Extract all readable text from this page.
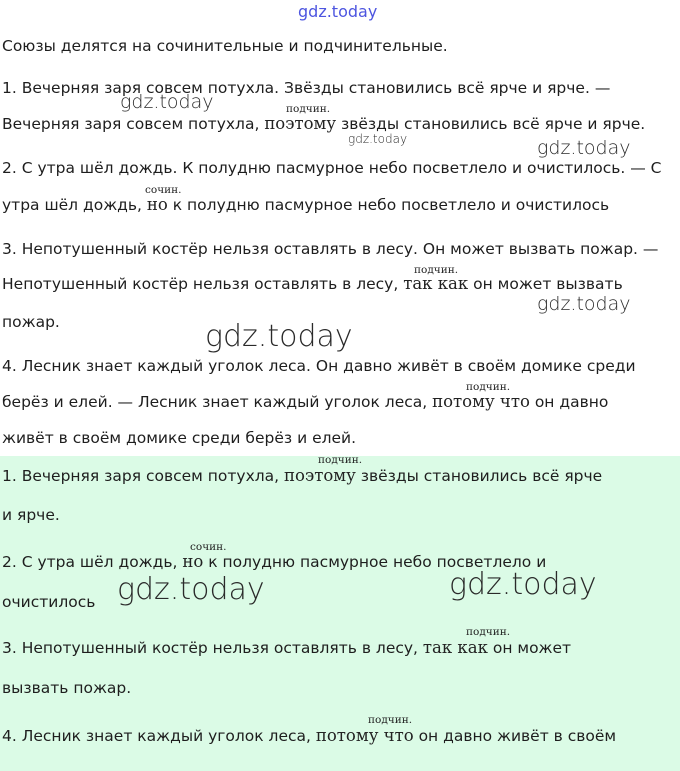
gdz.today
Союзы делятся на сочинительные и подчинительные.
1. Вечерняя заря совсем потухла. Звёзды становились всё ярче и ярче. —
подчин.
Вечерняя заря совсем потухла, поэтому звёзды становились всё ярче и ярче.
2. С утра шёл дождь. К полудню пасмурное небо посветлело и очистилось. — С
сочин.
утра шёл дождь, но к полудню пасмурное небо посветлело и очистилось
3. Непотушенный костёр нельзя оставлять в лесу. Он может вызвать пожар. —
подчин.
Непотушенный костёр нельзя оставлять в лесу, так как он может вызвать
пожар.
4. Лесник знает каждый уголок леса. Он давно живёт в своём домике среди
подчин.
берёз и елей. — Лесник знает каждый уголок леса, потому что он давно
живёт в своём домике среди берёз и елей.
подчин.
1. Вечерняя заря совсем потухла, поэтому звёзды становились всё ярче
и ярче.
сочин.
2. С утра шёл дождь, но к полудню пасмурное небо посветлело и
очистилось
подчин.
3. Непотушенный костёр нельзя оставлять в лесу, так как он может
вызвать пожар.
подчин.
4. Лесник знает каждый уголок леса, потому что он давно живёт в своём
gdz.today
gdz.today	gdz.today
gdz.today
gdz.today
gdz.today	gdz.today
